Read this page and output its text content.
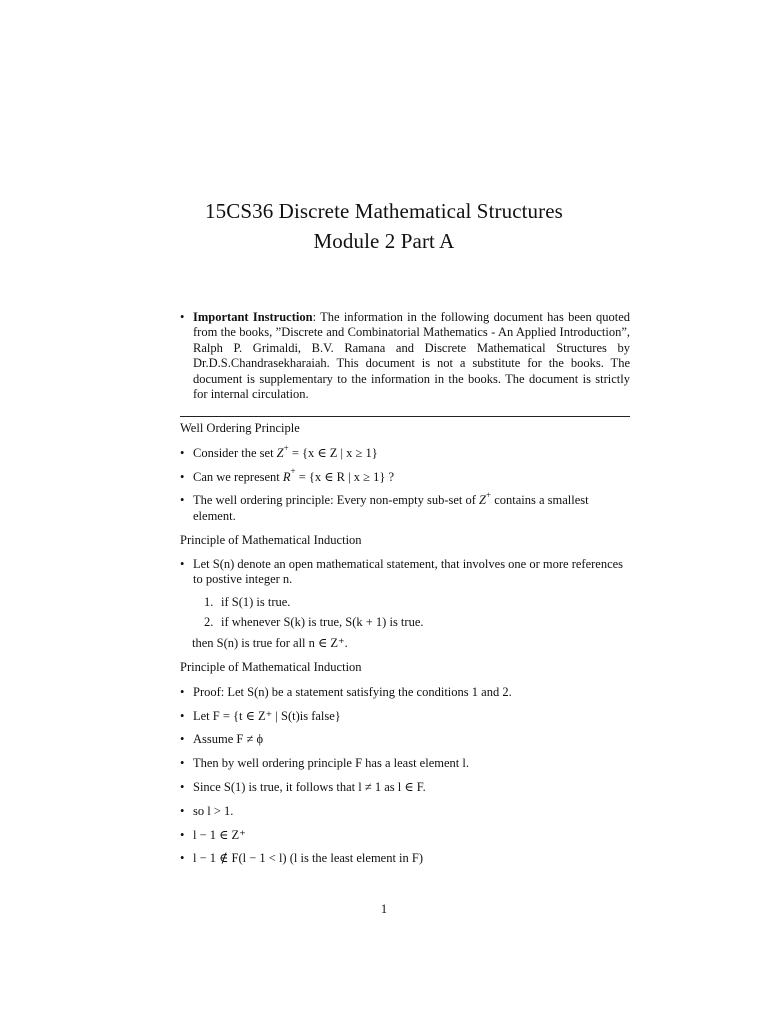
15CS36 Discrete Mathematical Structures
Module 2 Part A
• Important Instruction: The information in the following document has been quoted from the books, ”Discrete and Combinatorial Mathematics - An Applied Introduction”, Ralph P. Grimaldi, B.V. Ramana and Discrete Mathematical Structures by Dr.D.S.Chandrasekharaiah. This document is not a substitute for the books. The document is supplementary to the information in the books. The document is strictly for internal circulation.
Well Ordering Principle
• Consider the set Z+ = {x ∈ Z | x ≥ 1}
• Can we represent R+ = {x ∈ R | x ≥ 1} ?
• The well ordering principle: Every non-empty sub-set of Z+ contains a smallest element.
Principle of Mathematical Induction
• Let S(n) denote an open mathematical statement, that involves one or more references to postive integer n.
1. if S(1) is true.
2. if whenever S(k) is true, S(k + 1) is true.
then S(n) is true for all n ∈ Z⁺.
Principle of Mathematical Induction
• Proof: Let S(n) be a statement satisfying the conditions 1 and 2.
• Let F = {t ∈ Z⁺ | S(t)is false}
• Assume F ≠ ϕ
• Then by well ordering principle F has a least element l.
• Since S(1) is true, it follows that l ≠ 1 as l ∈ F.
• so l > 1.
• l − 1 ∈ Z⁺
• l − 1 ∉ F(l − 1 < l) (l is the least element in F)
1
